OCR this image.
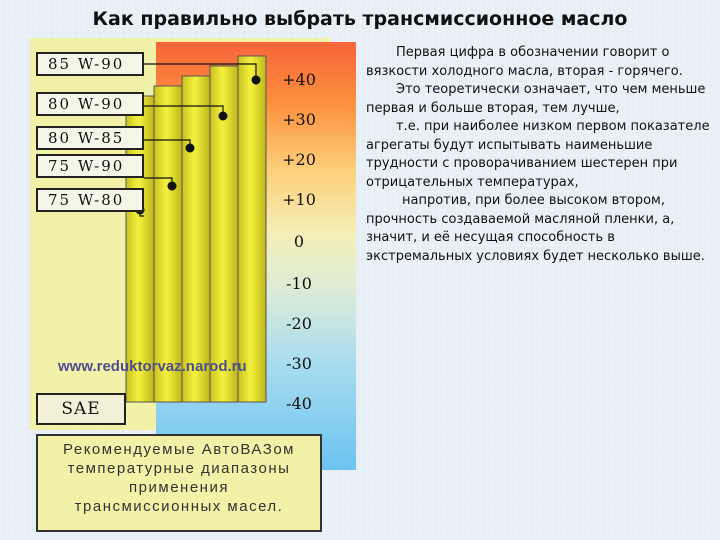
Как правильно выбрать трансмиссионное масло
85 W-90
80 W-90
80 W-85
75 W-90
75 W-80
+40
+30
+20
+10
0
-10
-20
-30
-40
www.reduktorvaz.narod.ru
SAE
Рекомендуемые АвтоВАЗом
температурные диапазоны
применения
трансмиссионных масел.

Первая цифра в обозначении говорит о вязкости холодного масла, вторая - горячего.

Это теоретически означает, что чем меньше первая и больше вторая, тем лучше,

т.е. при наиболее низком первом показателе агрегаты будут испытывать наименьшие трудности с проворачиванием шестерен при отрицательных температурах,

напротив, при более высоком втором, прочность создаваемой масляной пленки, а, значит, и её несущая способность в экстремальных условиях будет несколько выше.
